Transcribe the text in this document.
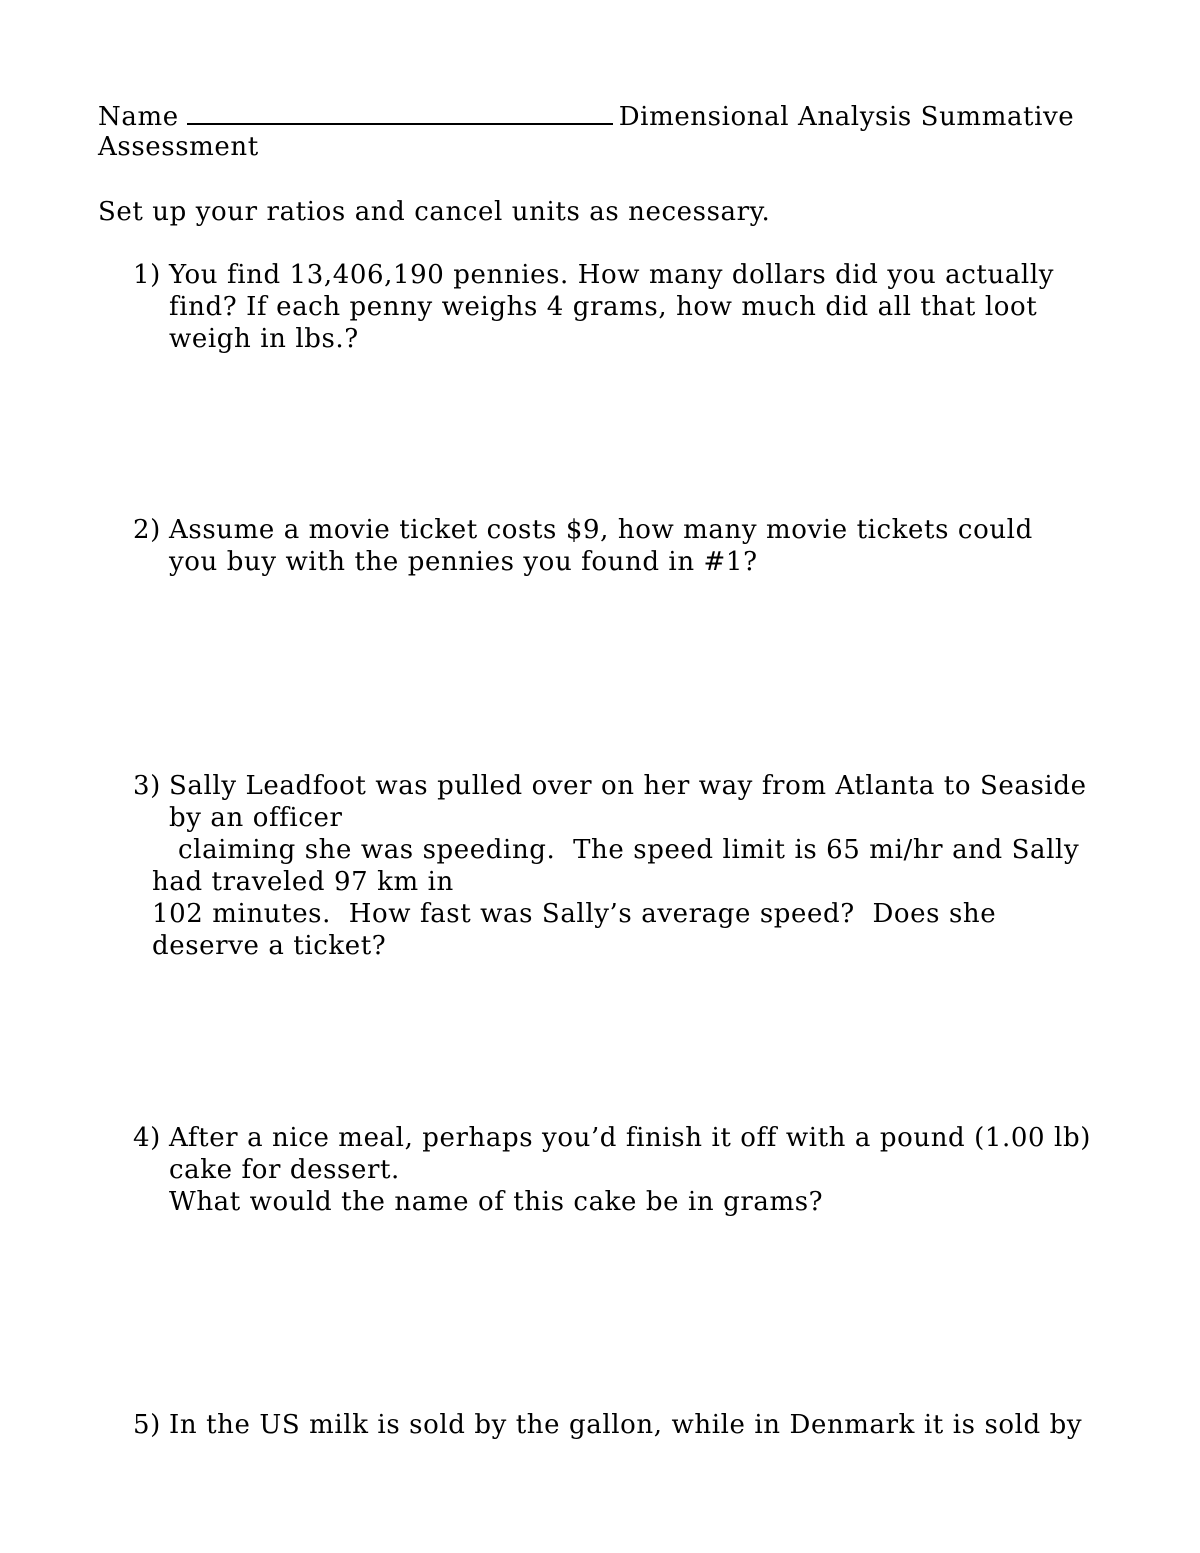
Name	Dimensional Analysis Summative
Assessment
Set up your ratios and cancel units as necessary.
1) You find 13,406,190 pennies. How many dollars did you actually
find? If each penny weighs 4 grams, how much did all that loot
weigh in lbs.?
2) Assume a movie ticket costs $9, how many movie tickets could
you buy with the pennies you found in #1?
3) Sally Leadfoot was pulled over on her way from Atlanta to Seaside
by an officer
claiming she was speeding.  The speed limit is 65 mi/hr and Sally
had traveled 97 km in
102 minutes.  How fast was Sally’s average speed?  Does she
deserve a ticket?
4) After a nice meal, perhaps you’d finish it off with a pound (1.00 lb)
cake for dessert.
What would the name of this cake be in grams?
5) In the US milk is sold by the gallon, while in Denmark it is sold by
